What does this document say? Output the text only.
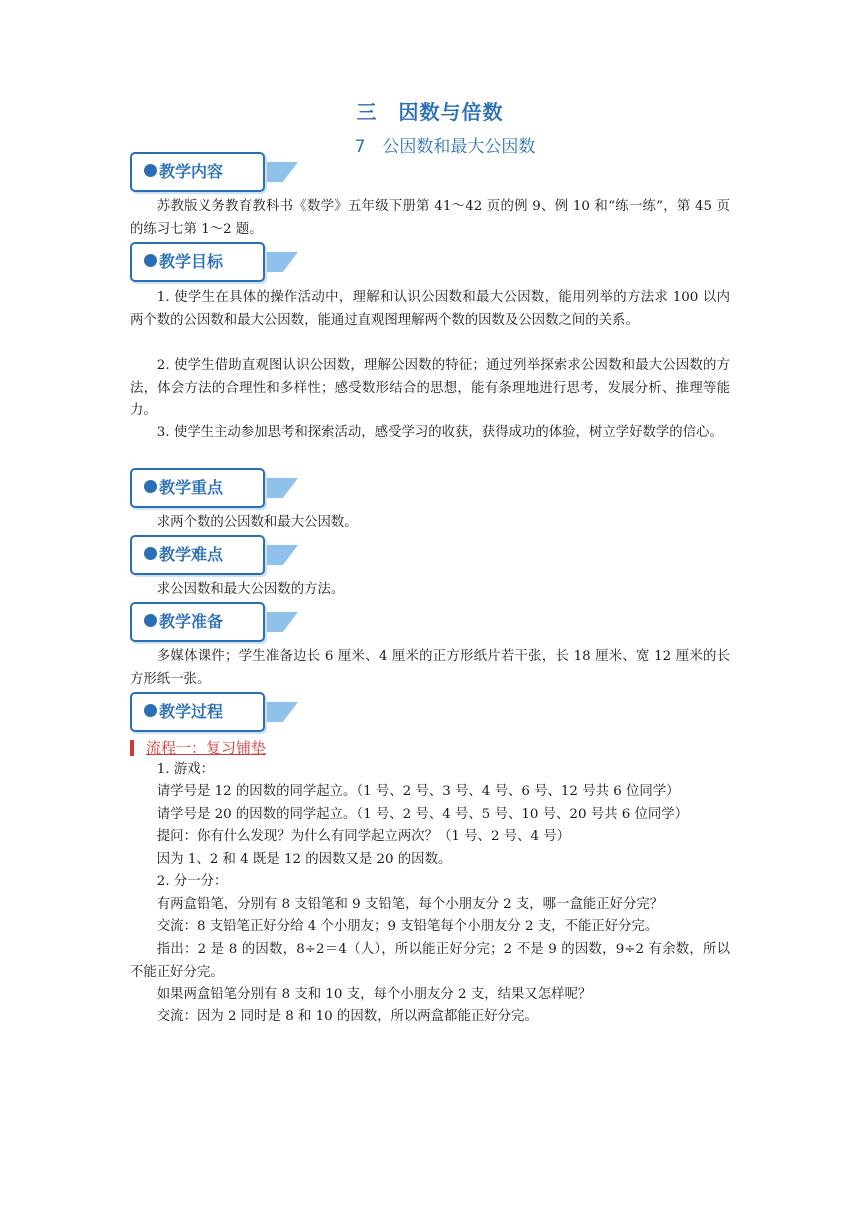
三　因数与倍数
7　公因数和最大公因数
教学内容

苏教版义务教育教科书《数学》五年级下册第 41～42 页的例 9、例 10 和“练一练”，第 45 页的练习七第 1～2 题。

教学目标

1. 使学生在具体的操作活动中，理解和认识公因数和最大公因数，能用列举的方法求 100 以内两个数的公因数和最大公因数，能通过直观图理解两个数的因数及公因数之间的关系。

2. 使学生借助直观图认识公因数，理解公因数的特征；通过列举探索求公因数和最大公因数的方法，体会方法的合理性和多样性；感受数形结合的思想，能有条理地进行思考，发展分析、推理等能力。

3. 使学生主动参加思考和探索活动，感受学习的收获，获得成功的体验，树立学好数学的信心。

教学重点

求两个数的公因数和最大公因数。

教学难点

求公因数和最大公因数的方法。

教学准备

多媒体课件；学生准备边长 6 厘米、4 厘米的正方形纸片若干张，长 18 厘米、宽 12 厘米的长方形纸一张。

教学过程
流程一：复习铺垫

1. 游戏：

请学号是 12 的因数的同学起立。（1 号、2 号、3 号、4 号、6 号、12 号共 6 位同学）

请学号是 20 的因数的同学起立。（1 号、2 号、4 号、5 号、10 号、20 号共 6 位同学）

提问：你有什么发现？为什么有同学起立两次？（1 号、2 号、4 号）

因为 1、2 和 4 既是 12 的因数又是 20 的因数。

2. 分一分：

有两盒铅笔，分别有 8 支铅笔和 9 支铅笔，每个小朋友分 2 支，哪一盒能正好分完？

交流：8 支铅笔正好分给 4 个小朋友；9 支铅笔每个小朋友分 2 支，不能正好分完。

指出：2 是 8 的因数，8÷2＝4（人），所以能正好分完；2 不是 9 的因数，9÷2 有余数，所以不能正好分完。

如果两盒铅笔分别有 8 支和 10 支，每个小朋友分 2 支，结果又怎样呢？

交流：因为 2 同时是 8 和 10 的因数，所以两盒都能正好分完。
